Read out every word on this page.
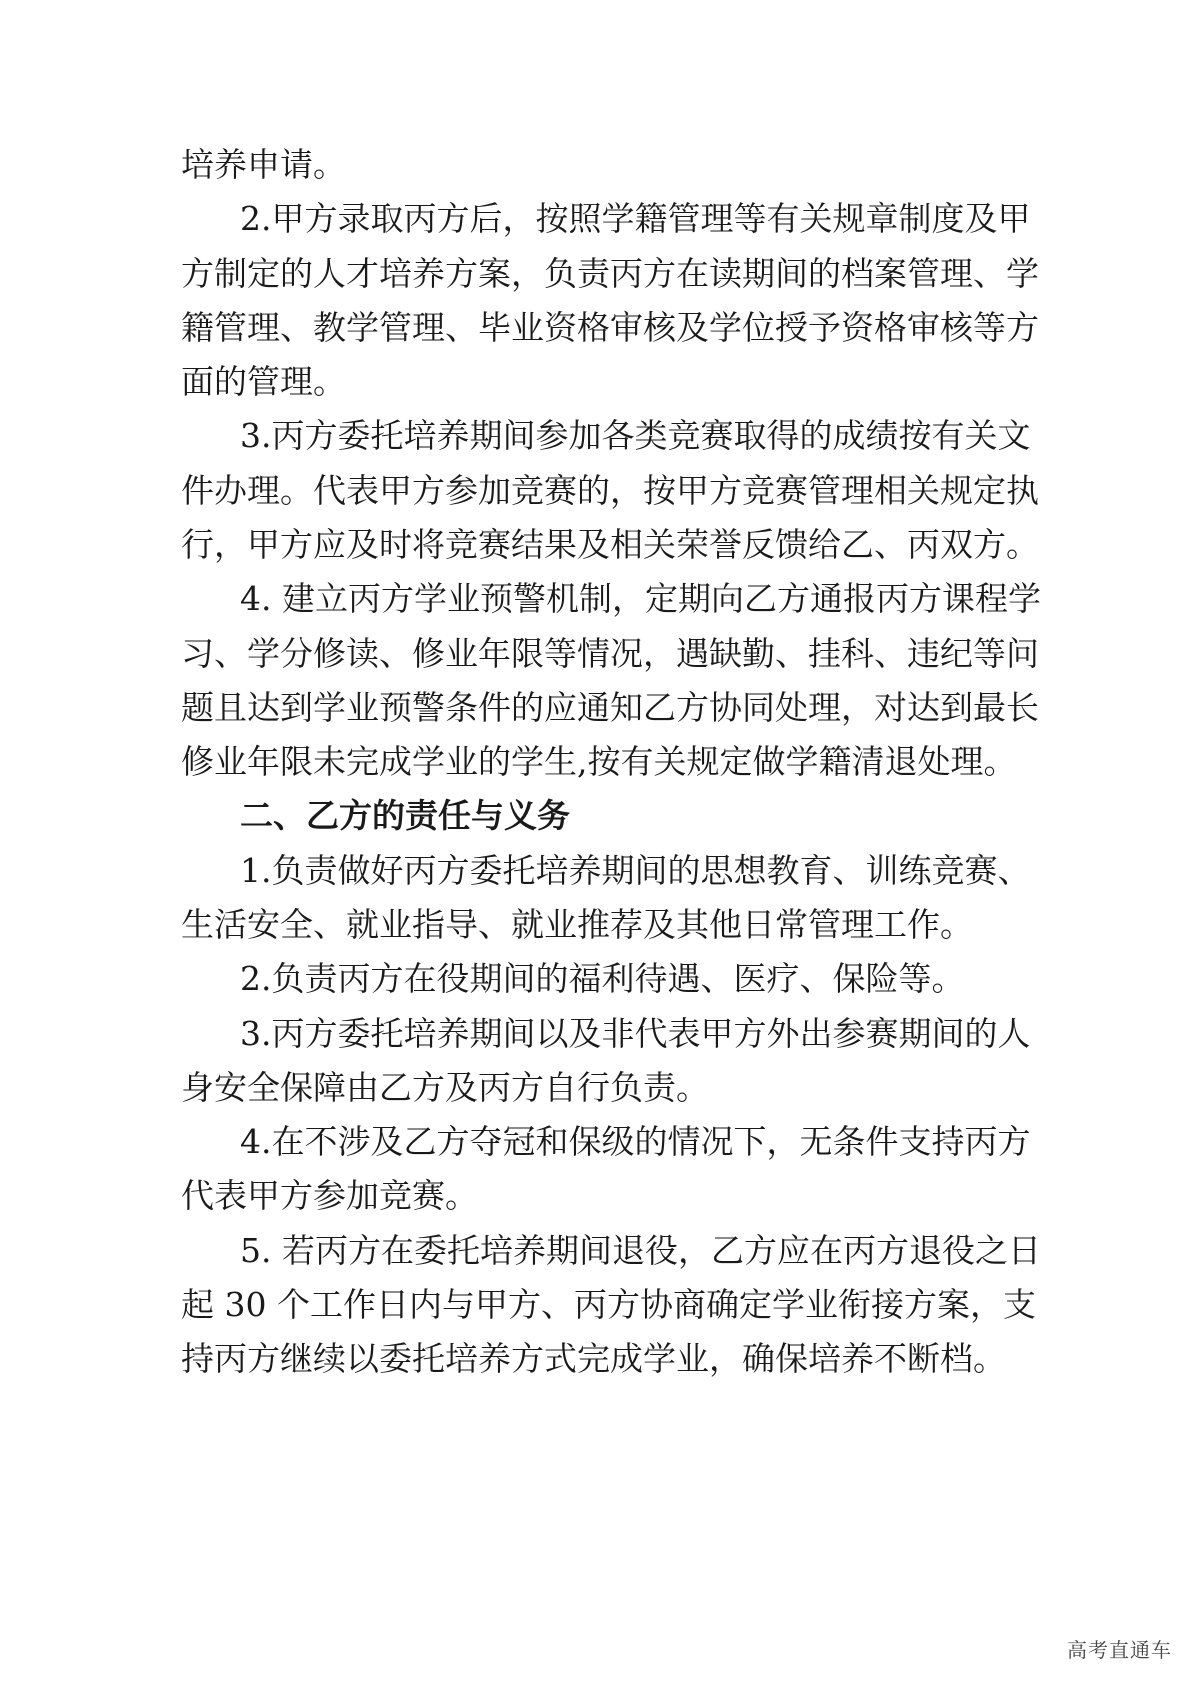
培养申请。
2.甲方录取丙方后，按照学籍管理等有关规章制度及甲
方制定的人才培养方案，负责丙方在读期间的档案管理、学
籍管理、教学管理、毕业资格审核及学位授予资格审核等方
面的管理。
3.丙方委托培养期间参加各类竞赛取得的成绩按有关文
件办理。代表甲方参加竞赛的，按甲方竞赛管理相关规定执
行，甲方应及时将竞赛结果及相关荣誉反馈给乙、丙双方。
4. 建立丙方学业预警机制，定期向乙方通报丙方课程学
习、学分修读、修业年限等情况，遇缺勤、挂科、违纪等问
题且达到学业预警条件的应通知乙方协同处理，对达到最长
修业年限未完成学业的学生,按有关规定做学籍清退处理。
二、乙方的责任与义务
1.负责做好丙方委托培养期间的思想教育、训练竞赛、
生活安全、就业指导、就业推荐及其他日常管理工作。
2.负责丙方在役期间的福利待遇、医疗、保险等。
3.丙方委托培养期间以及非代表甲方外出参赛期间的人
身安全保障由乙方及丙方自行负责。
4.在不涉及乙方夺冠和保级的情况下，无条件支持丙方
代表甲方参加竞赛。
5. 若丙方在委托培养期间退役，乙方应在丙方退役之日
起 30 个工作日内与甲方、丙方协商确定学业衔接方案，支
持丙方继续以委托培养方式完成学业，确保培养不断档。
高考直通车
